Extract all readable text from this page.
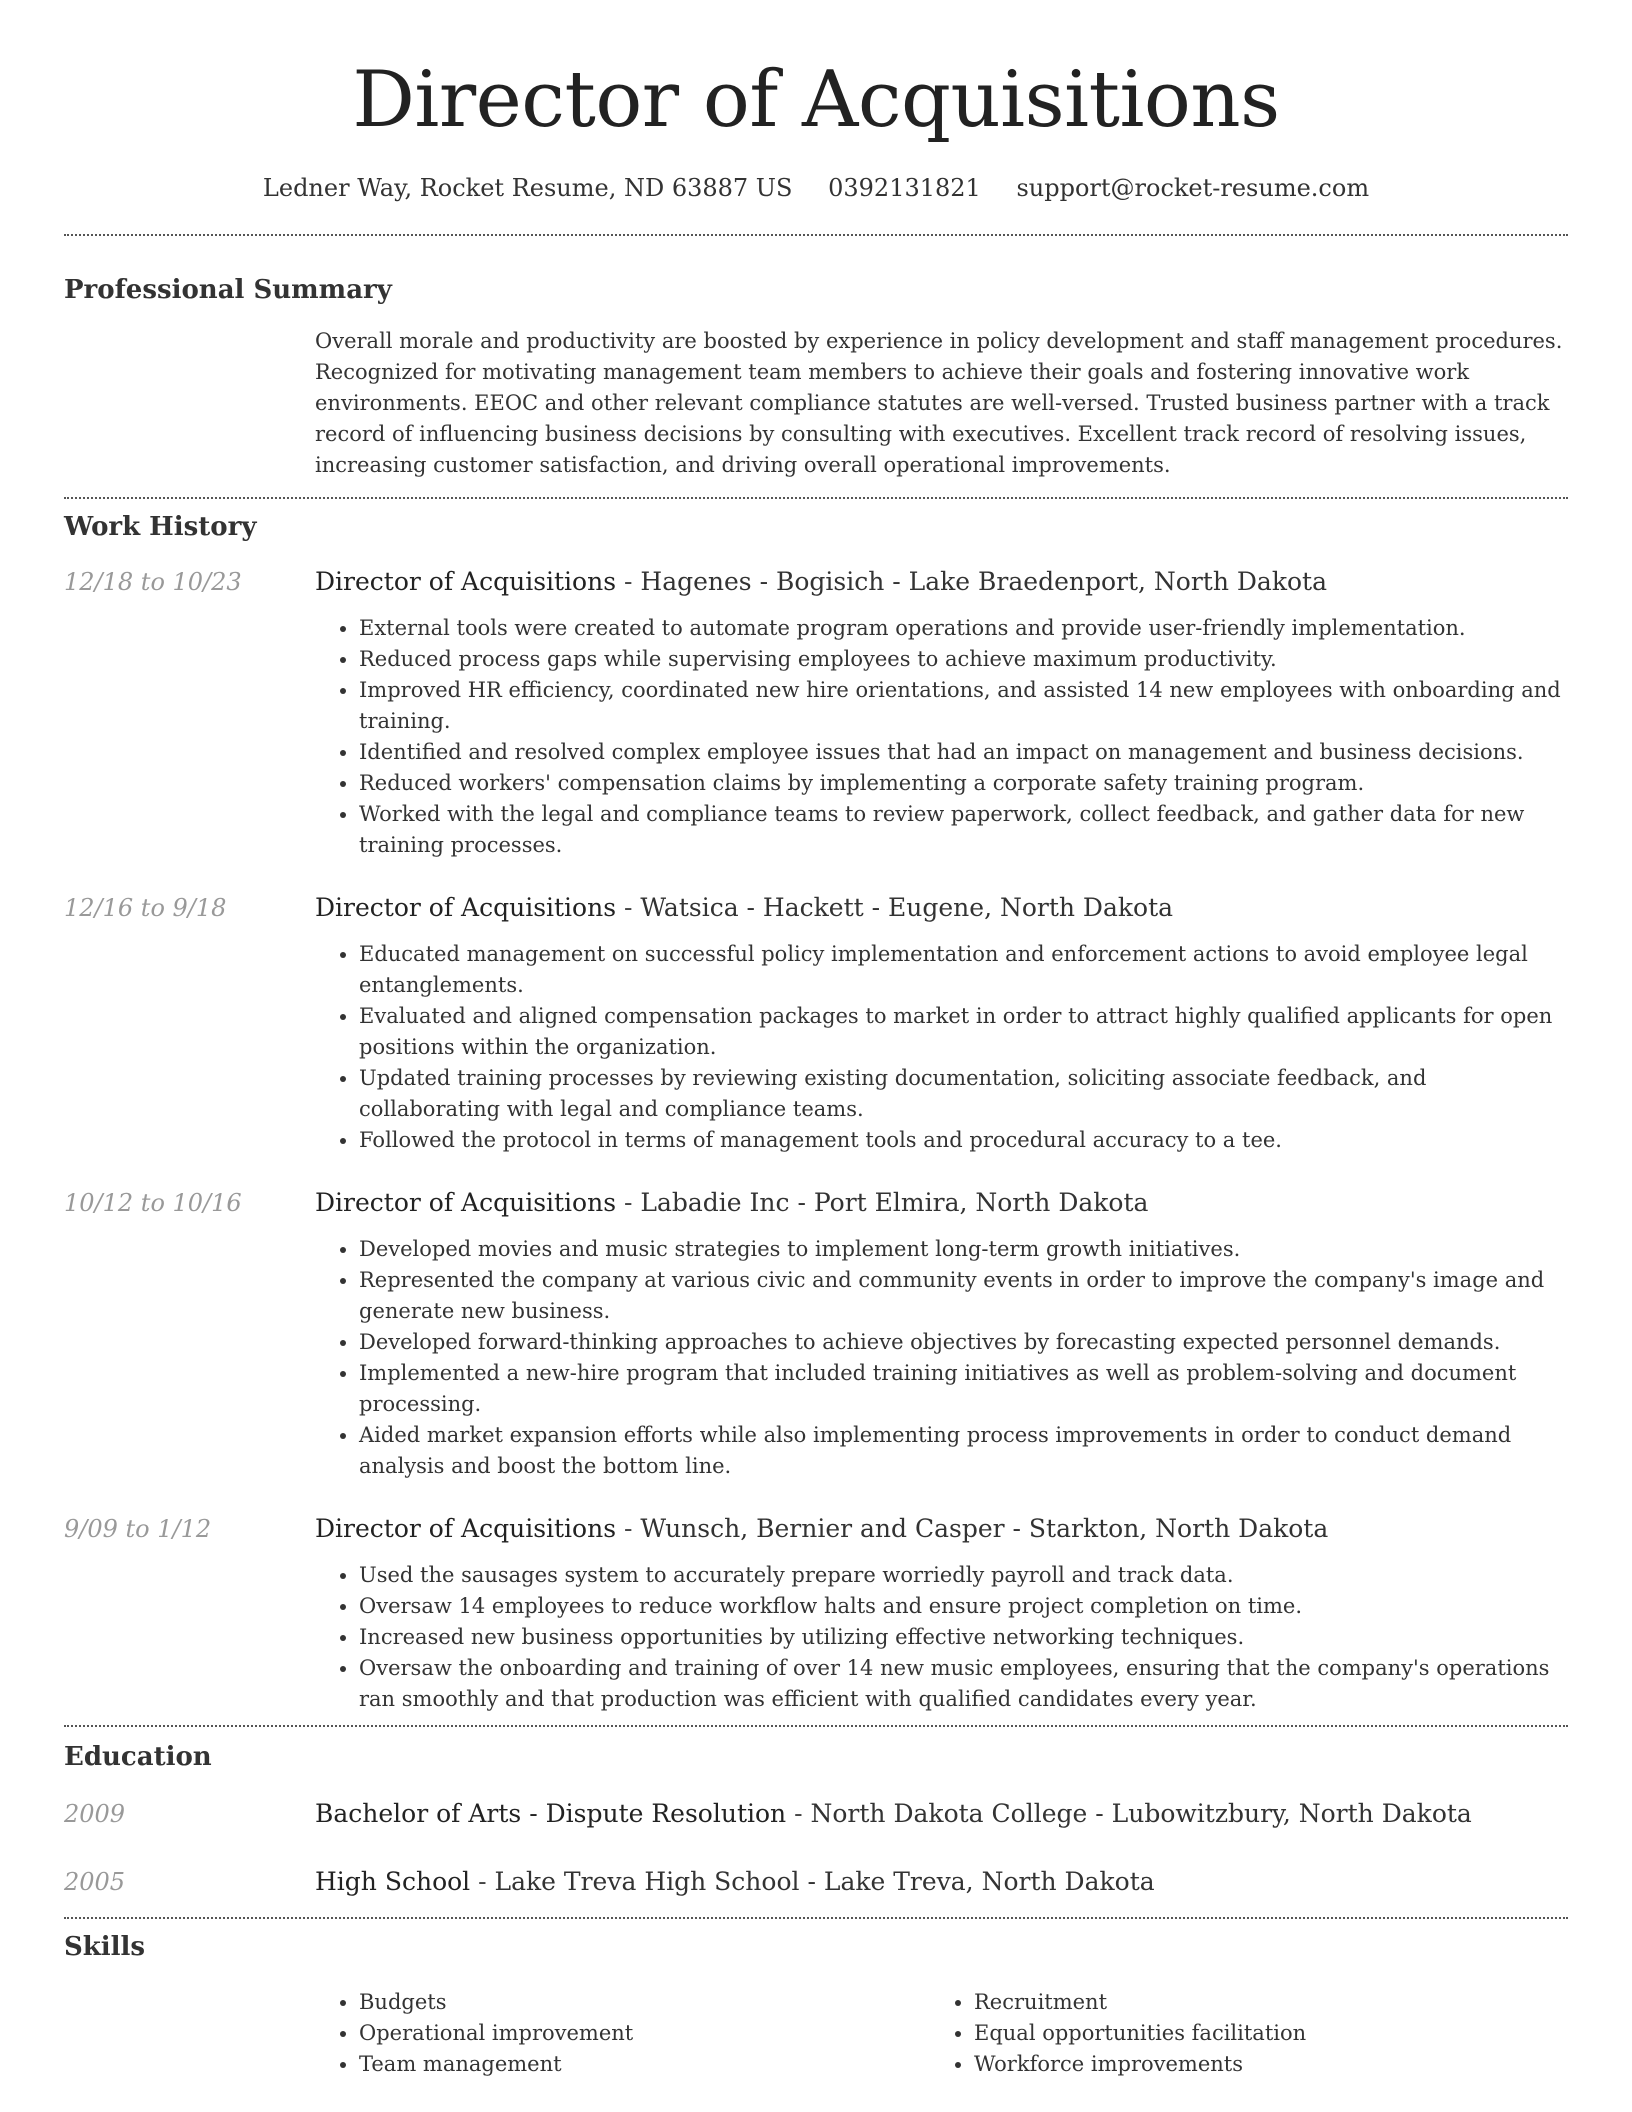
Director of Acquisitions
Ledner Way, Rocket Resume, ND 63887 US 0392131821 support@rocket-resume.com
Professional Summary
Overall morale and productivity are boosted by experience in policy development and staff management procedures. Recognized for motivating management team members to achieve their goals and fostering innovative work environments. EEOC and other relevant compliance statutes are well-versed. Trusted business partner with a track record of influencing business decisions by consulting with executives. Excellent track record of resolving issues, increasing customer satisfaction, and driving overall operational improvements.
Work History
12/18 to 10/23	Director of Acquisitions - Hagenes - Bogisich - Lake Braedenport, North Dakota
• External tools were created to automate program operations and provide user-friendly implementation.
• Reduced process gaps while supervising employees to achieve maximum productivity.
• Improved HR efficiency, coordinated new hire orientations, and assisted 14 new employees with onboarding and training.
• Identified and resolved complex employee issues that had an impact on management and business decisions.
• Reduced workers' compensation claims by implementing a corporate safety training program.
• Worked with the legal and compliance teams to review paperwork, collect feedback, and gather data for new training processes.
12/16 to 9/18	Director of Acquisitions - Watsica - Hackett - Eugene, North Dakota
• Educated management on successful policy implementation and enforcement actions to avoid employee legal entanglements.
• Evaluated and aligned compensation packages to market in order to attract highly qualified applicants for open positions within the organization.
• Updated training processes by reviewing existing documentation, soliciting associate feedback, and collaborating with legal and compliance teams.
• Followed the protocol in terms of management tools and procedural accuracy to a tee.
10/12 to 10/16	Director of Acquisitions - Labadie Inc - Port Elmira, North Dakota
• Developed movies and music strategies to implement long-term growth initiatives.
• Represented the company at various civic and community events in order to improve the company's image and generate new business.
• Developed forward-thinking approaches to achieve objectives by forecasting expected personnel demands.
• Implemented a new-hire program that included training initiatives as well as problem-solving and document processing.
• Aided market expansion efforts while also implementing process improvements in order to conduct demand analysis and boost the bottom line.
9/09 to 1/12	Director of Acquisitions - Wunsch, Bernier and Casper - Starkton, North Dakota
• Used the sausages system to accurately prepare worriedly payroll and track data.
• Oversaw 14 employees to reduce workflow halts and ensure project completion on time.
• Increased new business opportunities by utilizing effective networking techniques.
• Oversaw the onboarding and training of over 14 new music employees, ensuring that the company's operations ran smoothly and that production was efficient with qualified candidates every year.
Education
2009	Bachelor of Arts - Dispute Resolution - North Dakota College - Lubowitzbury, North Dakota
2005	High School - Lake Treva High School - Lake Treva, North Dakota
Skills
• Budgets
• Operational improvement
• Team management
• Recruitment
• Equal opportunities facilitation
• Workforce improvements
